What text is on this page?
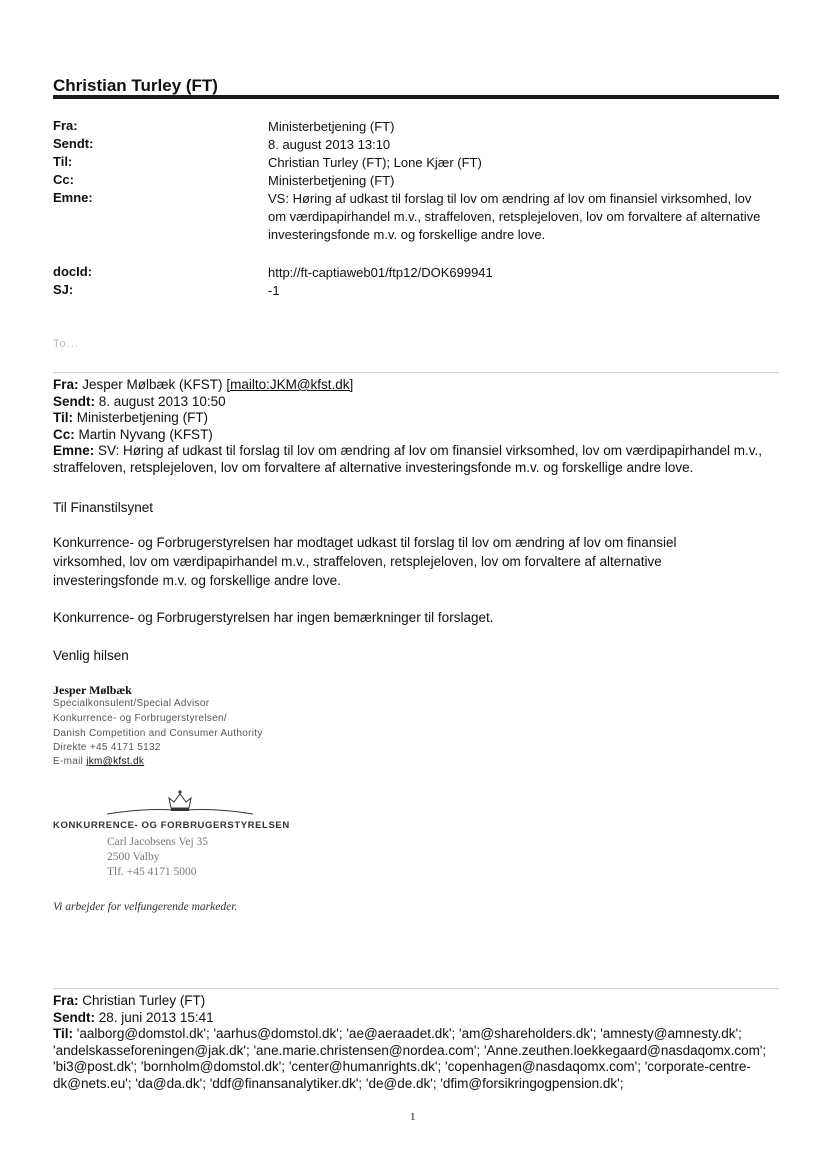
Christian Turley (FT)
Fra:	Ministerbetjening (FT)
Sendt:	8. august 2013 13:10
Til:	Christian Turley (FT); Lone Kjær (FT)
Cc:	Ministerbetjening (FT)
Emne:	VS: Høring af udkast til forslag til lov om ændring af lov om finansiel virksomhed, lov om værdipapirhandel m.v., straffeloven, retsplejeloven, lov om forvaltere af alternative investeringsfonde m.v. og forskellige andre love.
docId:	http://ft-captiaweb01/ftp12/DOK699941
SJ:	-1
To...
Fra: Jesper Mølbæk (KFST) [mailto:JKM@kfst.dk]
Sendt: 8. august 2013 10:50
Til: Ministerbetjening (FT)
Cc: Martin Nyvang (KFST)
Emne: SV: Høring af udkast til forslag til lov om ændring af lov om finansiel virksomhed, lov om værdipapirhandel m.v., straffeloven, retsplejeloven, lov om forvaltere af alternative investeringsfonde m.v. og forskellige andre love.
Til Finanstilsynet
Konkurrence- og Forbrugerstyrelsen har modtaget udkast til forslag til lov om ændring af lov om finansiel virksomhed, lov om værdipapirhandel m.v., straffeloven, retsplejeloven, lov om forvaltere af alternative investeringsfonde m.v. og forskellige andre love.
Konkurrence- og Forbrugerstyrelsen har ingen bemærkninger til forslaget.
Venlig hilsen
Jesper Mølbæk
Specialkonsulent/Special Advisor
Konkurrence- og Forbrugerstyrelsen/
Danish Competition and Consumer Authority
Direkte +45 4171 5132
E-mail jkm@kfst.dk
KONKURRENCE- OG FORBRUGERSTYRELSEN
Carl Jacobsens Vej 35
2500 Valby
Tlf. +45 4171 5000
Vi arbejder for velfungerende markeder.
Fra: Christian Turley (FT)
Sendt: 28. juni 2013 15:41
Til: 'aalborg@domstol.dk'; 'aarhus@domstol.dk'; 'ae@aeraadet.dk'; 'am@shareholders.dk'; 'amnesty@amnesty.dk'; 'andelskasseforeningen@jak.dk'; 'ane.marie.christensen@nordea.com'; 'Anne.zeuthen.loekkegaard@nasdaqomx.com'; 'bi3@post.dk'; 'bornholm@domstol.dk'; 'center@humanrights.dk'; 'copenhagen@nasdaqomx.com'; 'corporate-centre-dk@nets.eu'; 'da@da.dk'; 'ddf@finansanalytiker.dk'; 'de@de.dk'; 'dfim@forsikringogpension.dk';
1
